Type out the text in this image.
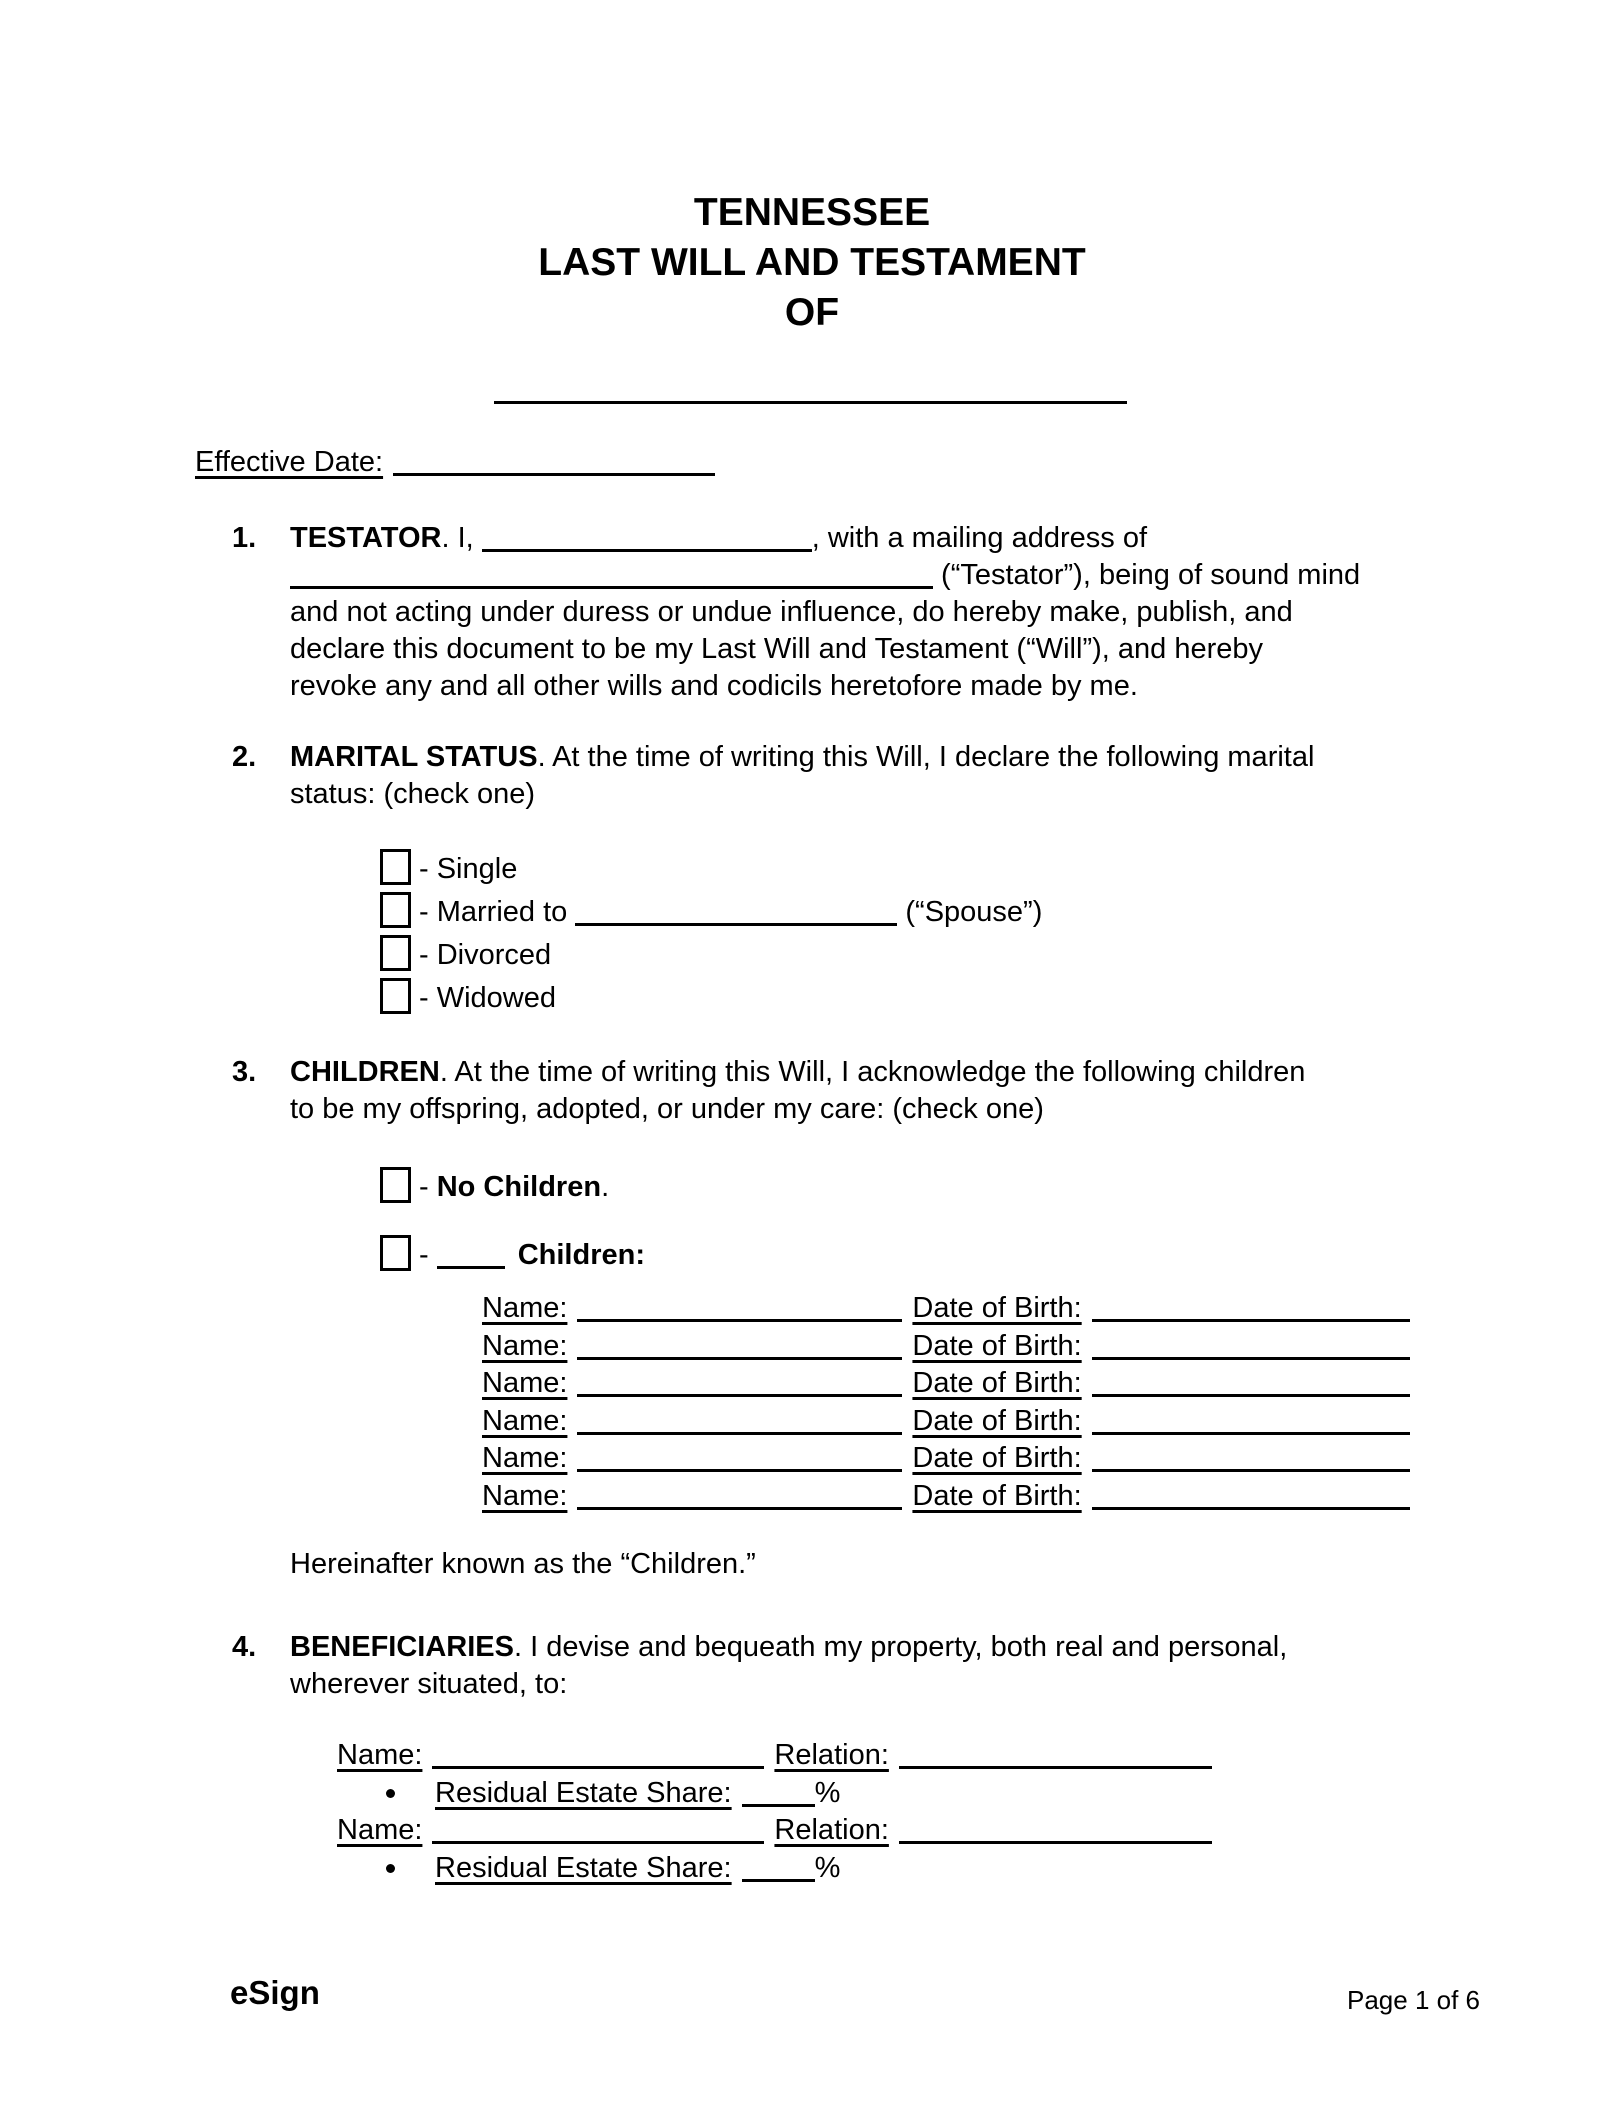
TENNESSEE
LAST WILL AND TESTAMENT
OF
Effective Date:
1. TESTATOR. I,	, with a mailing address of
(“Testator”), being of sound mind
and not acting under duress or undue influence, do hereby make, publish, and
declare this document to be my Last Will and Testament (“Will”), and hereby
revoke any and all other wills and codicils heretofore made by me.
2. MARITAL STATUS. At the time of writing this Will, I declare the following marital
status: (check one)
- Single
- Married to	(“Spouse”)
- Divorced
- Widowed
3. CHILDREN. At the time of writing this Will, I acknowledge the following children
to be my offspring, adopted, or under my care: (check one)
- No Children.
-	Children:
Name:	Date of Birth:
Name:	Date of Birth:
Name:	Date of Birth:
Name:	Date of Birth:
Name:	Date of Birth:
Name:	Date of Birth:
Hereinafter known as the “Children.”
4. BENEFICIARIES. I devise and bequeath my property, both real and personal,
wherever situated, to:
Name:	Relation:
Residual Estate Share:	%
Name:	Relation:
Residual Estate Share:	%
eSign	Page 1 of 6
